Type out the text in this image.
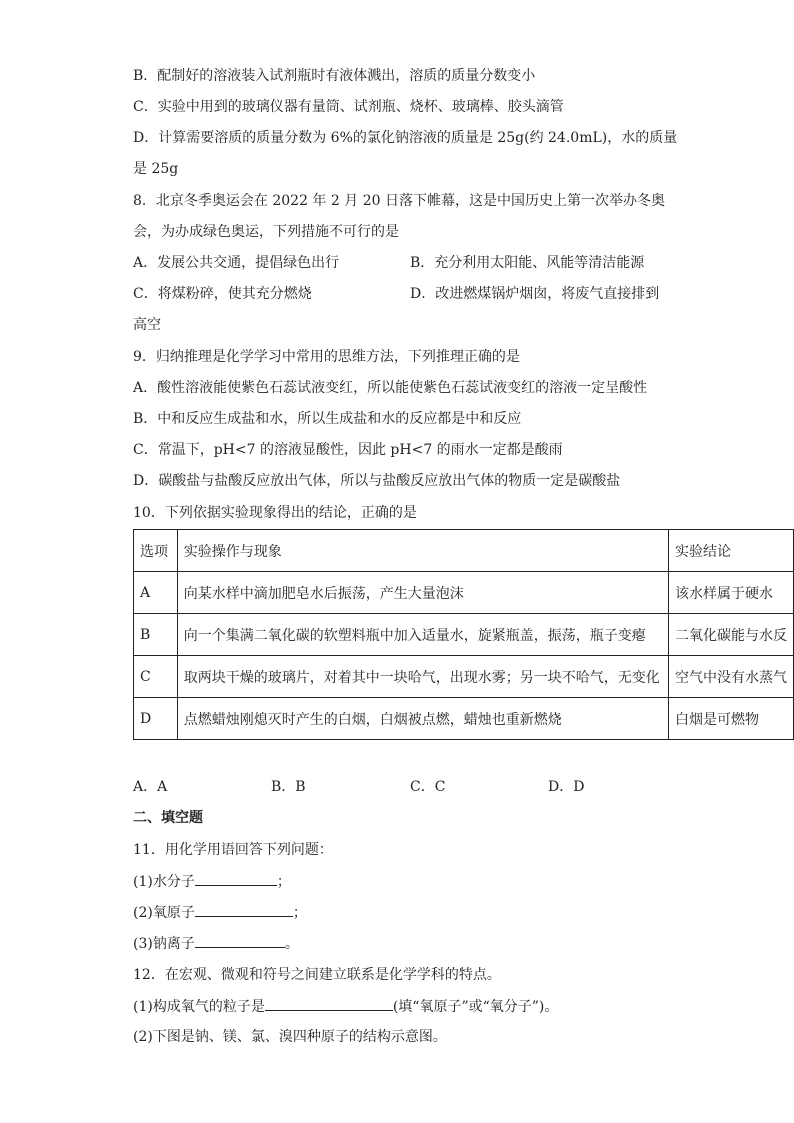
B．配制好的溶液装入试剂瓶时有液体溅出，溶质的质量分数变小
C．实验中用到的玻璃仪器有量筒、试剂瓶、烧杯、玻璃棒、胶头滴管
D．计算需要溶质的质量分数为 6%的氯化钠溶液的质量是 25g(约 24.0mL)，水的质量
是 25g
8．北京冬季奥运会在 2022 年 2 月 20 日落下帷幕，这是中国历史上第一次举办冬奥
会，为办成绿色奥运，下列措施不可行的是
A．发展公共交通，提倡绿色出行	B．充分利用太阳能、风能等清洁能源
C．将煤粉碎，使其充分燃烧	D．改进燃煤锅炉烟囱，将废气直接排到
高空
9．归纳推理是化学学习中常用的思维方法，下列推理正确的是
A．酸性溶液能使紫色石蕊试液变红，所以能使紫色石蕊试液变红的溶液一定呈酸性
B．中和反应生成盐和水，所以生成盐和水的反应都是中和反应
C．常温下，pH<7 的溶液显酸性，因此 pH<7 的雨水一定都是酸雨
D．碳酸盐与盐酸反应放出气体，所以与盐酸反应放出气体的物质一定是碳酸盐
10．下列依据实验现象得出的结论，正确的是
选项	实验操作与现象	实验结论
A	向某水样中滴加肥皂水后振荡，产生大量泡沫	该水样属于硬水
B	向一个集满二氧化碳的软塑料瓶中加入适量水，旋紧瓶盖，振荡，瓶子变瘪	二氧化碳能与水反
C	取两块干燥的玻璃片，对着其中一块哈气，出现水雾；另一块不哈气，无变化	空气中没有水蒸气
D	点燃蜡烛刚熄灭时产生的白烟，白烟被点燃，蜡烛也重新燃烧	白烟是可燃物
A．A	B．B	C．C	D．D
二、填空题
11．用化学用语回答下列问题：
(1)水分子	；
(2)氧原子	；
(3)钠离子	。
12．在宏观、微观和符号之间建立联系是化学学科的特点。
(1)构成氧气的粒子是	(填“氧原子”或“氧分子”)。
(2)下图是钠、镁、氯、溴四种原子的结构示意图。
